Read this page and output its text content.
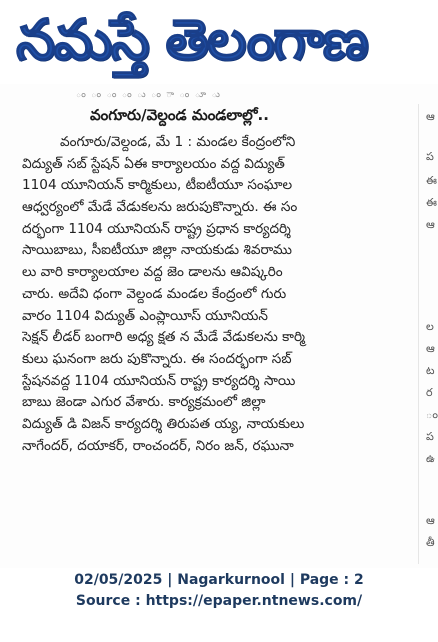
నమస్తే తెలంగాణ
ం ం ం ం ు ం ా ం ూ ు
వంగూరు/వెల్దండ మండలాల్లో..
వంగూరు/వెల్దండ, మే 1 : మండల కేంద్రంలోని
విద్యుత్ సబ్ స్టేషన్ ఏఈ కార్యాలయం వద్ద విద్యుత్
1104 యూనియన్ కార్మికులు, టీఐటీయూ సంఘాల
ఆధ్వర్యంలో మేడే వేడుకలను జరుపుకొన్నారు. ఈ సం
దర్భంగా 1104 యూనియన్ రాష్ట్ర ప్రధాన కార్యదర్శి
సాయిబాబు, సీఐటీయూ జిల్లా నాయకుడు శివరాము
లు వారి కార్యాలయాల వద్ద జెం డాలను ఆవిష్కరిం
చారు. అదేవి ధంగా వెల్దండ మండల కేంద్రంలో గురు
వారం 1104 విద్యుత్ ఎంప్లాయీస్ యూనియన్
సెక్షన్ లీడర్ బంగారి అధ్య క్షత న మేడే వేడుకలను కార్మి
కులు ఘనంగా జరు పుకొన్నారు. ఈ సందర్భంగా సబ్
స్టేషనవద్ద 1104 యూనియన్ రాష్ట్ర కార్యదర్శి సాయి
బాబు జెండా ఎగుర వేశారు. కార్యక్రమంలో జిల్లా
విద్యుత్ డి విజన్ కార్యదర్శి తిరుపత య్య, నాయకులు
నాగేందర్, దయాకర్, రాంచందర్, నిరం జన్, రఘునా
ఆ
ప
ఈ
ఈ
ఆ
ల
ఆ
ట
ర
ం
ప
ఉ
ఆ
తీ
02/05/2025 | Nagarkurnool | Page : 2
Source : https://epaper.ntnews.com/
